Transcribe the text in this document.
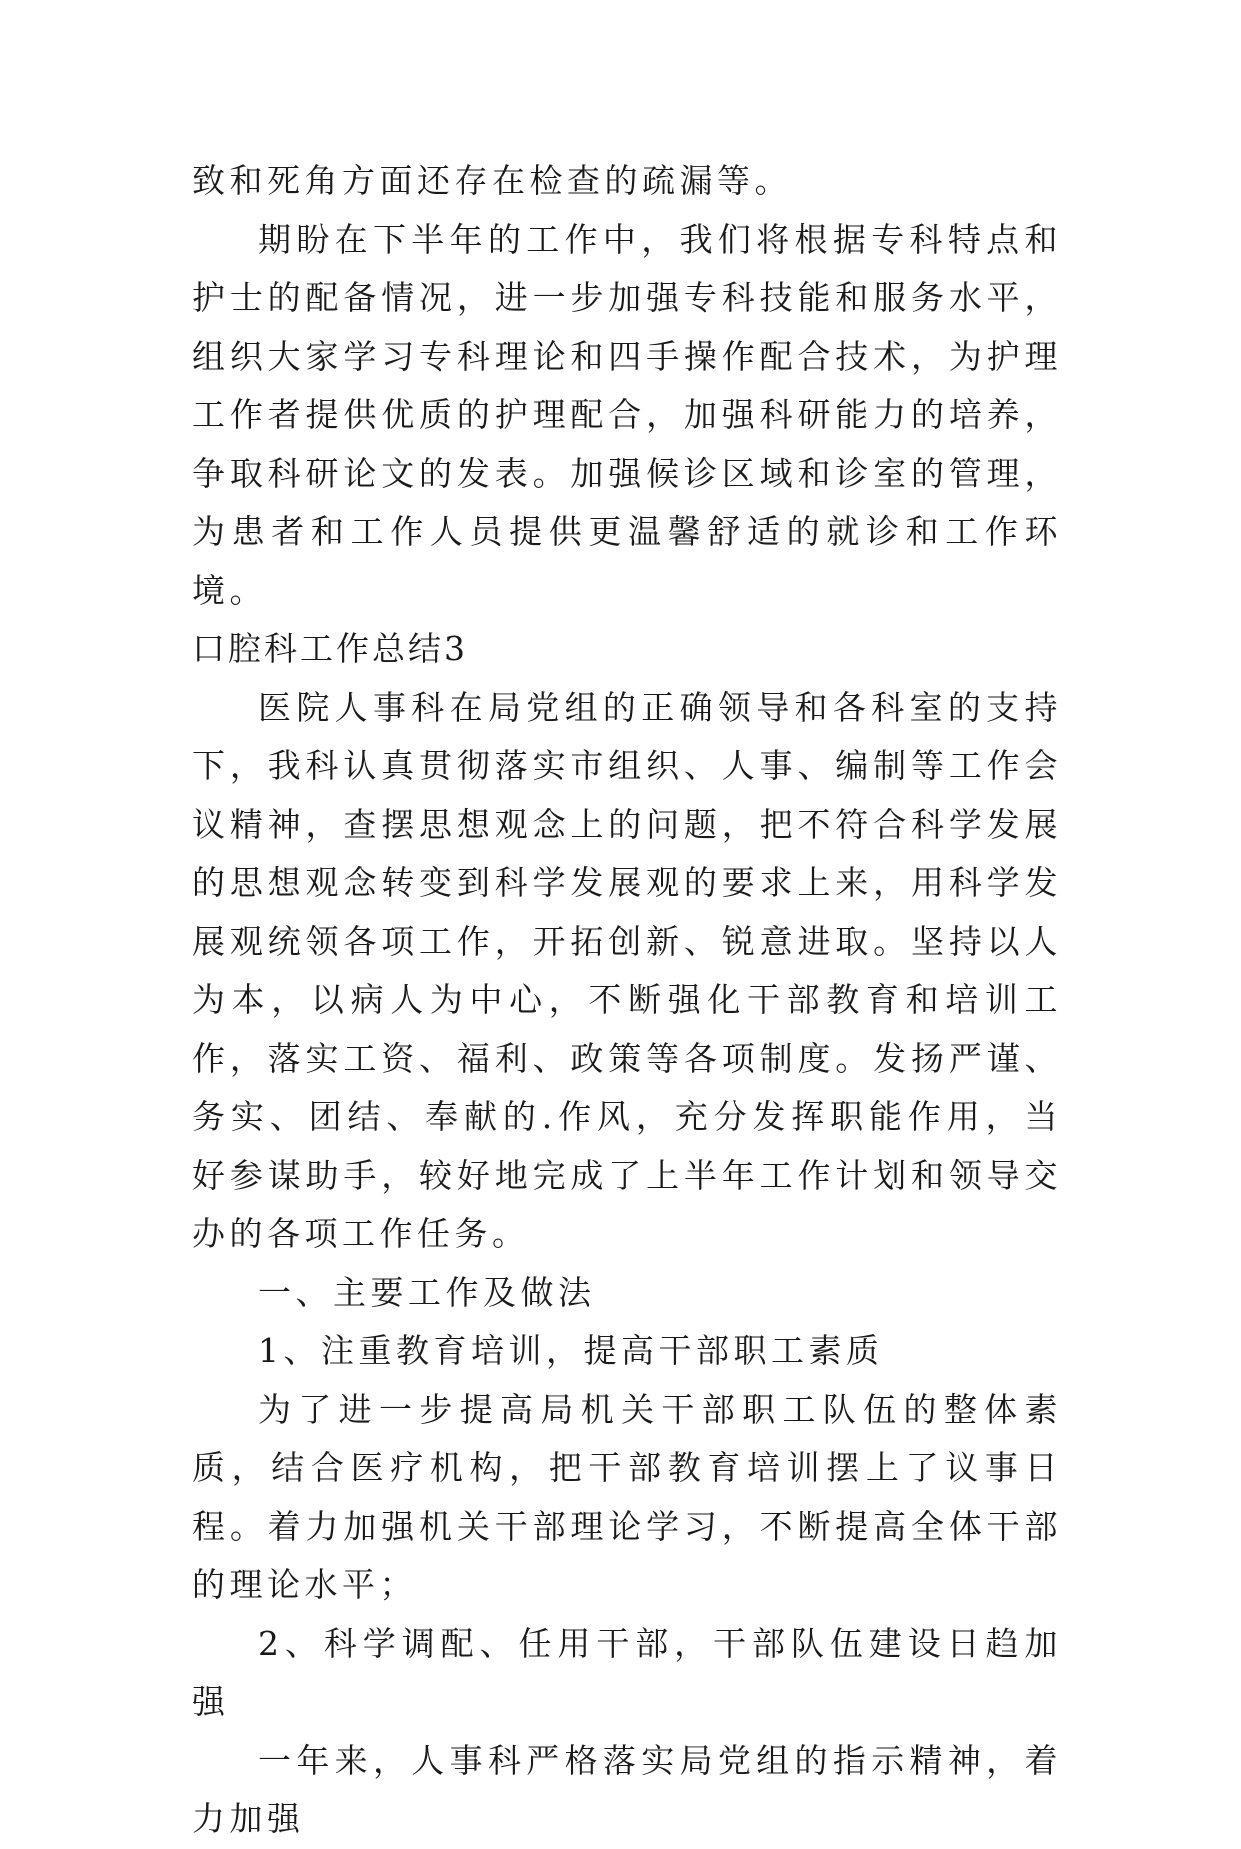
致和死角方面还存在检查的疏漏等。

期盼在下半年的工作中，我们将根据专科特点和护士的配备情况，进一步加强专科技能和服务水平，组织大家学习专科理论和四手操作配合技术，为护理工作者提供优质的护理配合，加强科研能力的培养，争取科研论文的发表。加强候诊区域和诊室的管理，为患者和工作人员提供更温馨舒适的就诊和工作环境。

口腔科工作总结3

医院人事科在局党组的正确领导和各科室的支持下，我科认真贯彻落实市组织、人事、编制等工作会议精神，查摆思想观念上的问题，把不符合科学发展的思想观念转变到科学发展观的要求上来，用科学发展观统领各项工作，开拓创新、锐意进取。坚持以人为本，以病人为中心，不断强化干部教育和培训工作，落实工资、福利、政策等各项制度。发扬严谨、务实、团结、奉献的.作风，充分发挥职能作用，当好参谋助手，较好地完成了上半年工作计划和领导交办的各项工作任务。

一、主要工作及做法

1、注重教育培训，提高干部职工素质

为了进一步提高局机关干部职工队伍的整体素质，结合医疗机构，把干部教育培训摆上了议事日程。着力加强机关干部理论学习，不断提高全体干部的理论水平；

2、科学调配、任用干部，干部队伍建设日趋加强

一年来，人事科严格落实局党组的指示精神，着力加强
